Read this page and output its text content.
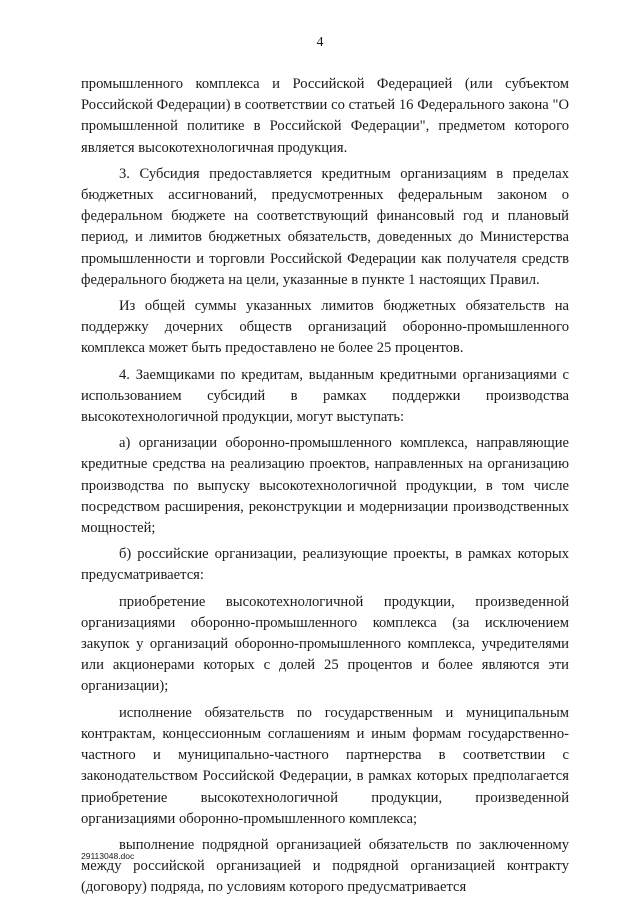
4

промышленного комплекса и Российской Федерацией (или субъектом Российской Федерации) в соответствии со статьей 16 Федерального закона "О промышленной политике в Российской Федерации", предметом которого является высокотехнологичная продукция.

3. Субсидия предоставляется кредитным организациям в пределах бюджетных ассигнований, предусмотренных федеральным законом о федеральном бюджете на соответствующий финансовый год и плановый период, и лимитов бюджетных обязательств, доведенных до Министерства промышленности и торговли Российской Федерации как получателя средств федерального бюджета на цели, указанные в пункте 1 настоящих Правил.

Из общей суммы указанных лимитов бюджетных обязательств на поддержку дочерних обществ организаций оборонно-промышленного комплекса может быть предоставлено не более 25 процентов.

4. Заемщиками по кредитам, выданным кредитными организациями с использованием субсидий в рамках поддержки производства высокотехнологичной продукции, могут выступать:

а) организации оборонно-промышленного комплекса, направляющие кредитные средства на реализацию проектов, направленных на организацию производства по выпуску высокотехнологичной продукции, в том числе посредством расширения, реконструкции и модернизации производственных мощностей;

б) российские организации, реализующие проекты, в рамках которых предусматривается:

приобретение высокотехнологичной продукции, произведенной организациями оборонно-промышленного комплекса (за исключением закупок у организаций оборонно-промышленного комплекса, учредителями или акционерами которых с долей 25 процентов и более являются эти организации);

исполнение обязательств по государственным и муниципальным контрактам, концессионным соглашениям и иным формам государственно-частного и муниципально-частного партнерства в соответствии с законодательством Российской Федерации, в рамках которых предполагается приобретение высокотехнологичной продукции, произведенной организациями оборонно-промышленного комплекса;

выполнение подрядной организацией обязательств по заключенному между российской организацией и подрядной организацией контракту (договору) подряда, по условиям которого предусматривается

29113048.doc
